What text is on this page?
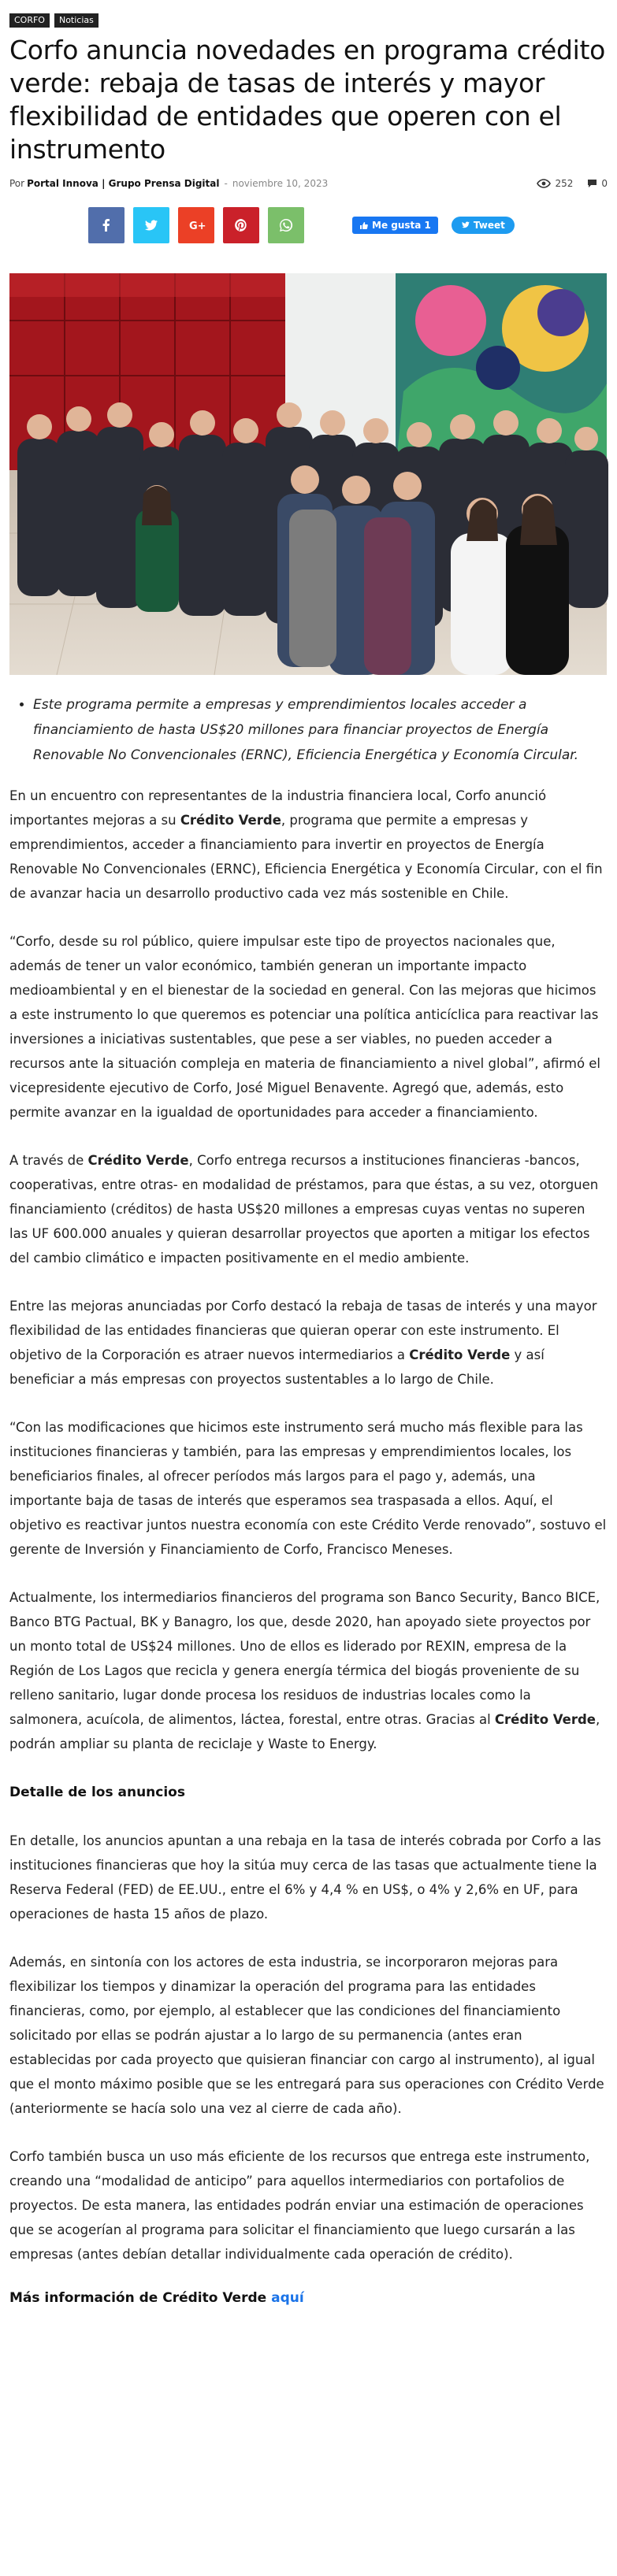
CORFO	Noticias
Corfo anuncia novedades en programa crédito verde: rebaja de tasas de interés y mayor flexibilidad de entidades que operen con el instrumento
Por Portal Innova | Grupo Prensa Digital - noviembre 10, 2023	252	0
G+	Me gusta 1	Tweet
• Este programa permite a empresas y emprendimientos locales acceder a financiamiento de hasta US$20 millones para financiar proyectos de Energía Renovable No Convencionales (ERNC), Eficiencia Energética y Economía Circular.

En un encuentro con representantes de la industria financiera local, Corfo anunció importantes mejoras a su Crédito Verde, programa que permite a empresas y emprendimientos, acceder a financiamiento para invertir en proyectos de Energía Renovable No Convencionales (ERNC), Eficiencia Energética y Economía Circular, con el fin de avanzar hacia un desarrollo productivo cada vez más sostenible en Chile.

“Corfo, desde su rol público, quiere impulsar este tipo de proyectos nacionales que, además de tener un valor económico, también generan un importante impacto medioambiental y en el bienestar de la sociedad en general. Con las mejoras que hicimos a este instrumento lo que queremos es potenciar una política anticíclica para reactivar las inversiones a iniciativas sustentables, que pese a ser viables, no pueden acceder a recursos ante la situación compleja en materia de financiamiento a nivel global”, afirmó el vicepresidente ejecutivo de Corfo, José Miguel Benavente. Agregó que, además, esto permite avanzar en la igualdad de oportunidades para acceder a financiamiento.

A través de Crédito Verde, Corfo entrega recursos a instituciones financieras -bancos, cooperativas, entre otras- en modalidad de préstamos, para que éstas, a su vez, otorguen financiamiento (créditos) de hasta US$20 millones a empresas cuyas ventas no superen las UF 600.000 anuales y quieran desarrollar proyectos que aporten a mitigar los efectos del cambio climático e impacten positivamente en el medio ambiente.

Entre las mejoras anunciadas por Corfo destacó la rebaja de tasas de interés y una mayor flexibilidad de las entidades financieras que quieran operar con este instrumento. El objetivo de la Corporación es atraer nuevos intermediarios a Crédito Verde y así beneficiar a más empresas con proyectos sustentables a lo largo de Chile.

“Con las modificaciones que hicimos este instrumento será mucho más flexible para las instituciones financieras y también, para las empresas y emprendimientos locales, los beneficiarios finales, al ofrecer períodos más largos para el pago y, además, una importante baja de tasas de interés que esperamos sea traspasada a ellos. Aquí, el objetivo es reactivar juntos nuestra economía con este Crédito Verde renovado”, sostuvo el gerente de Inversión y Financiamiento de Corfo, Francisco Meneses.

Actualmente, los intermediarios financieros del programa son Banco Security, Banco BICE, Banco BTG Pactual, BK y Banagro, los que, desde 2020, han apoyado siete proyectos por un monto total de US$24 millones. Uno de ellos es liderado por REXIN, empresa de la Región de Los Lagos que recicla y genera energía térmica del biogás proveniente de su relleno sanitario, lugar donde procesa los residuos de industrias locales como la salmonera, acuícola, de alimentos, láctea, forestal, entre otras. Gracias al Crédito Verde, podrán ampliar su planta de reciclaje y Waste to Energy.

Detalle de los anuncios

En detalle, los anuncios apuntan a una rebaja en la tasa de interés cobrada por Corfo a las instituciones financieras que hoy la sitúa muy cerca de las tasas que actualmente tiene la Reserva Federal (FED) de EE.UU., entre el 6% y 4,4 % en US$, o 4% y 2,6% en UF, para operaciones de hasta 15 años de plazo.

Además, en sintonía con los actores de esta industria, se incorporaron mejoras para flexibilizar los tiempos y dinamizar la operación del programa para las entidades financieras, como, por ejemplo, al establecer que las condiciones del financiamiento solicitado por ellas se podrán ajustar a lo largo de su permanencia (antes eran establecidas por cada proyecto que quisieran financiar con cargo al instrumento), al igual que el monto máximo posible que se les entregará para sus operaciones con Crédito Verde (anteriormente se hacía solo una vez al cierre de cada año).

Corfo también busca un uso más eficiente de los recursos que entrega este instrumento, creando una “modalidad de anticipo” para aquellos intermediarios con portafolios de proyectos. De esta manera, las entidades podrán enviar una estimación de operaciones que se acogerían al programa para solicitar el financiamiento que luego cursarán a las empresas (antes debían detallar individualmente cada operación de crédito).

Más información de Crédito Verde aquí
